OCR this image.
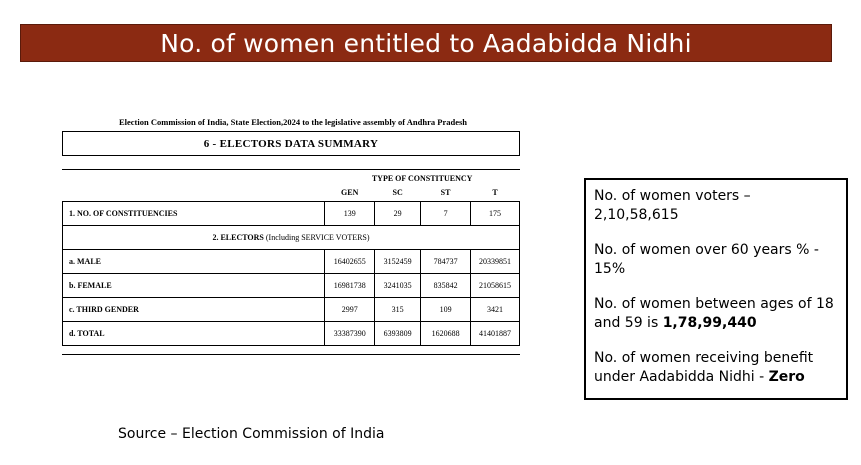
No. of women entitled to Aadabidda Nidhi
Election Commission of India, State Election,2024 to the legislative assembly of Andhra Pradesh
6 - ELECTORS DATA SUMMARY
	TYPE OF CONSTITUENCY			
	GEN	SC	ST	T
1. NO. OF CONSTITUENCIES	139	29	7	175
2. ELECTORS (Including SERVICE VOTERS)				
a. MALE	16402655	3152459	784737	20339851
b. FEMALE	16981738	3241035	835842	21058615
c. THIRD GENDER	2997	315	109	3421
d. TOTAL	33387390	6393809	1620688	41401887

No. of women voters – 2,10,58,615

No. of women over 60 years % - 15%

No. of women between ages of 18 and 59 is 1,78,99,440

No. of women receiving benefit under Aadabidda Nidhi - Zero

Source – Election Commission of India
